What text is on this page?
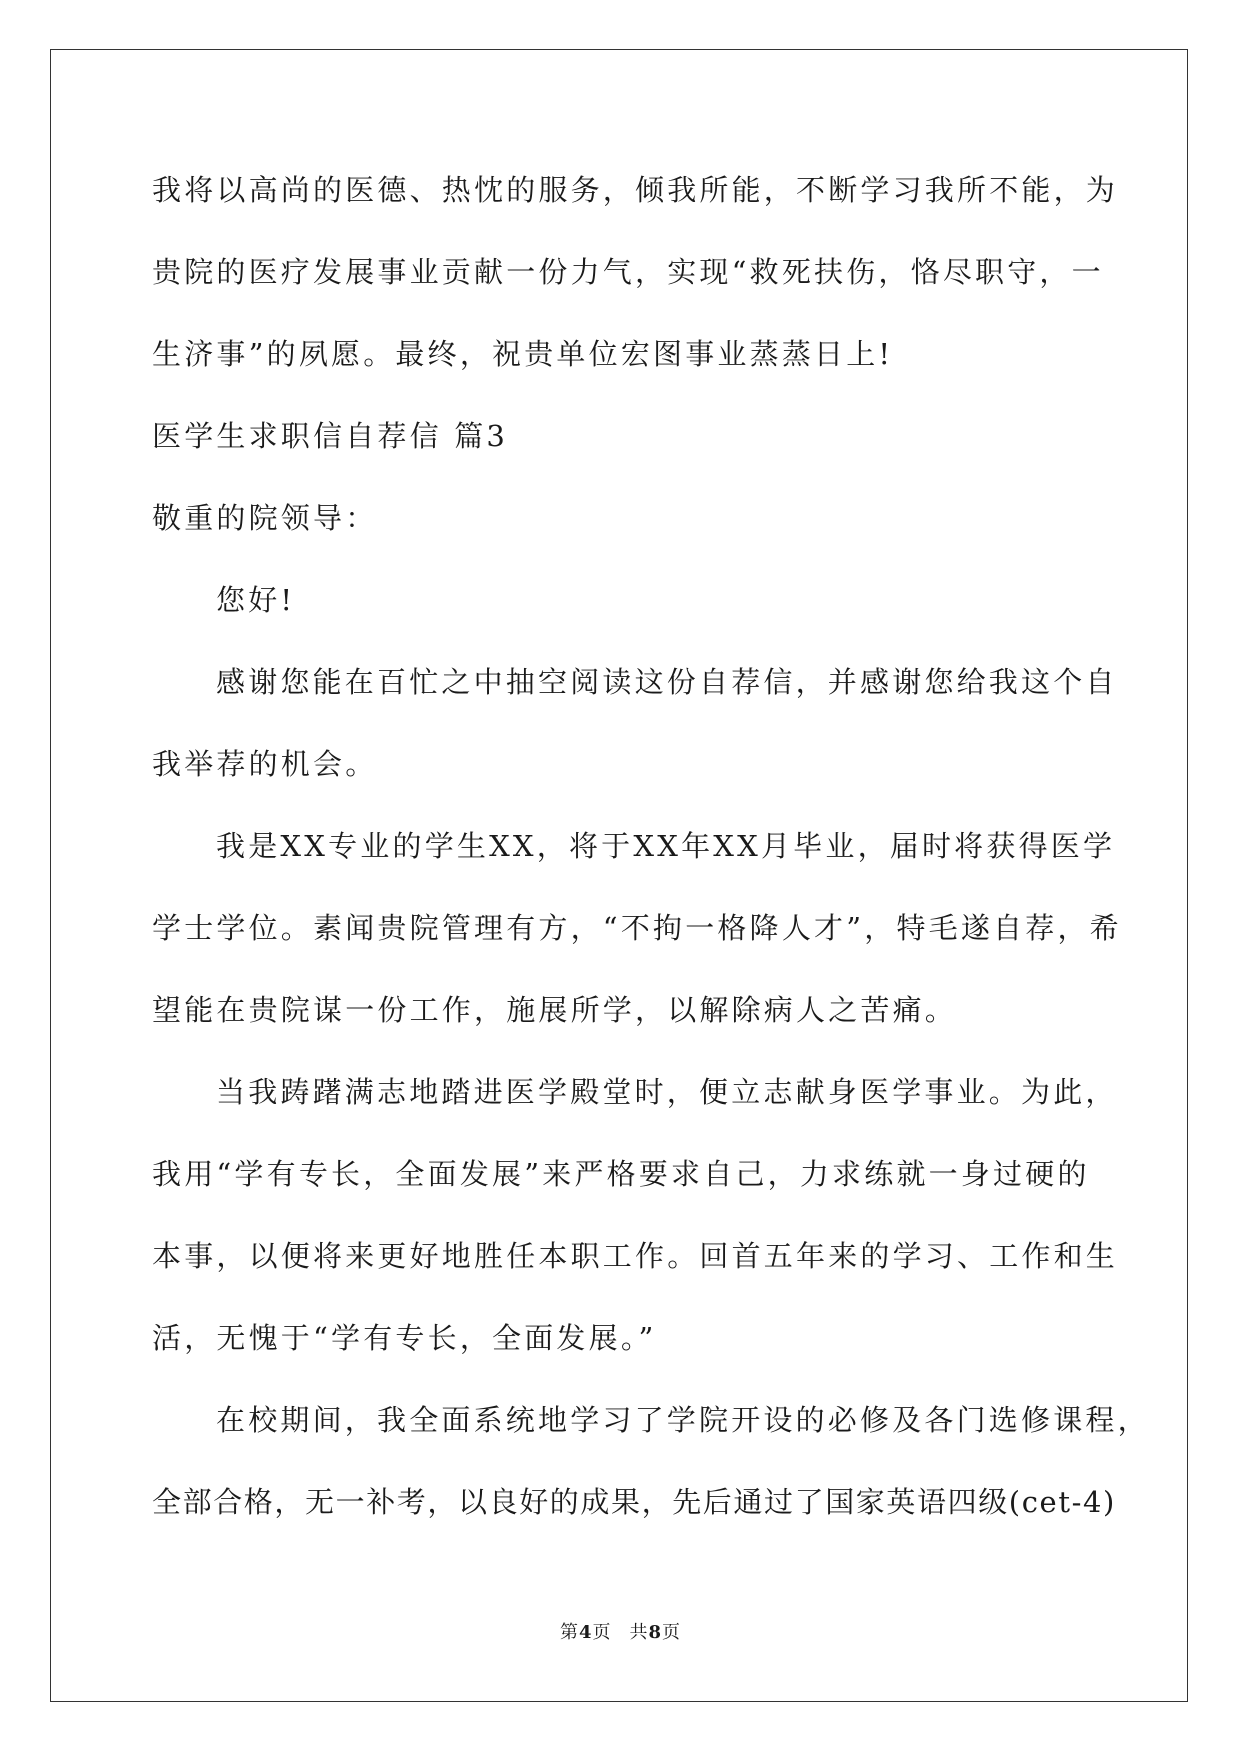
我将以高尚的医德、热忱的服务，倾我所能，不断学习我所不能，为
贵院的医疗发展事业贡献一份力气，实现“救死扶伤，恪尽职守，一
生济事”的夙愿。最终，祝贵单位宏图事业蒸蒸日上!
医学生求职信自荐信 篇3
敬重的院领导：
您好!
感谢您能在百忙之中抽空阅读这份自荐信，并感谢您给我这个自
我举荐的机会。
我是XX专业的学生XX，将于XX年XX月毕业，届时将获得医学
学士学位。素闻贵院管理有方，“不拘一格降人才”，特毛遂自荐，希
望能在贵院谋一份工作，施展所学，以解除病人之苦痛。
当我踌躇满志地踏进医学殿堂时，便立志献身医学事业。为此，
我用“学有专长，全面发展”来严格要求自己，力求练就一身过硬的
本事，以便将来更好地胜任本职工作。回首五年来的学习、工作和生
活，无愧于“学有专长，全面发展。”
在校期间，我全面系统地学习了学院开设的必修及各门选修课程，
全部合格，无一补考，以良好的成果，先后通过了国家英语四级(cet-4)
第4页 共8页
